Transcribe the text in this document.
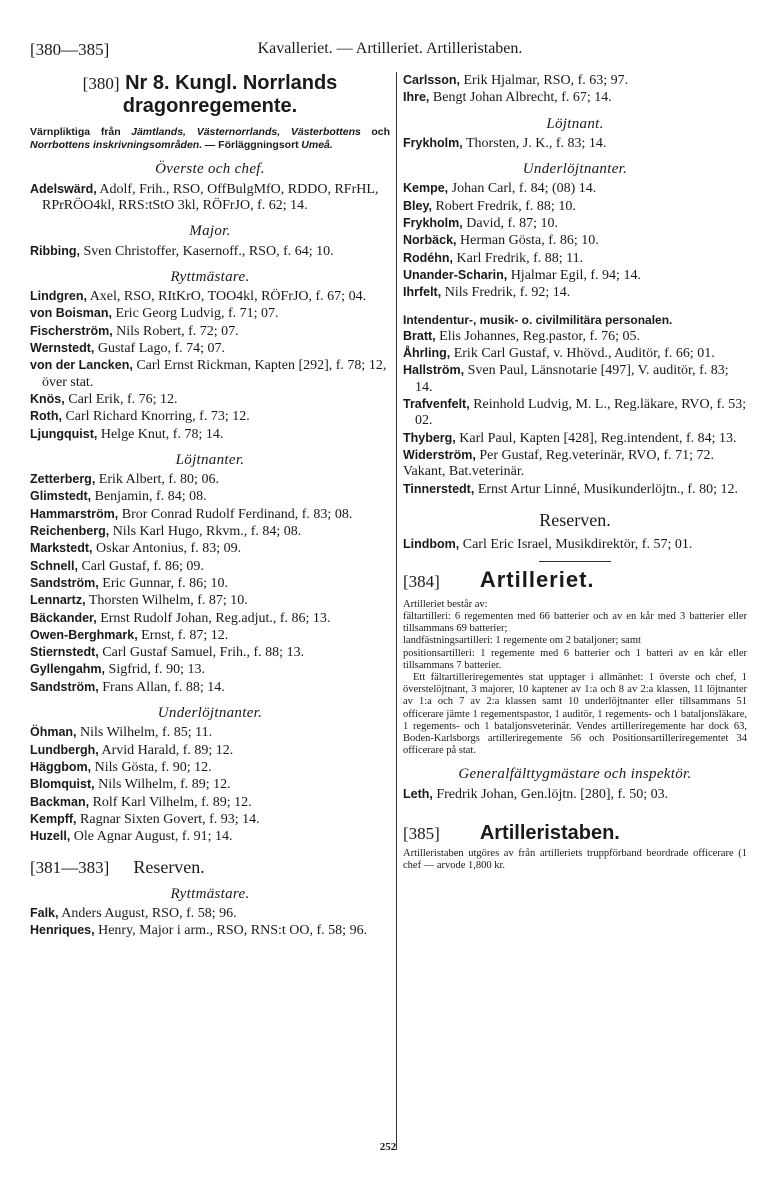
[380—385]	Kavalleriet. — Artilleriet. Artilleristaben.
[380] Nr 8. Kungl. Norrlands
dragonregemente.
Värnpliktiga från Jämtlands, Västernorrlands, Västerbottens och Norrbottens inskrivningsområden. — Förläggningsort Umeå.
Överste och chef.

Adelswärd, Adolf, Frih., RSO, OffBulgMfO, RDDO, RFrHL, RPrRÖO4kl, RRS:tStO 3kl, RÖFrJO, f. 62; 14.

Major.

Ribbing, Sven Christoffer, Kasernoff., RSO, f. 64; 10.

Ryttmästare.

Lindgren, Axel, RSO, RItKrO, TOO4kl, RÖFrJO, f. 67; 04.

von Boisman, Eric Georg Ludvig, f. 71; 07.

Fischerström, Nils Robert, f. 72; 07.

Wernstedt, Gustaf Lago, f. 74; 07.

von der Lancken, Carl Ernst Rickman, Kapten [292], f. 78; 12, över stat.

Knös, Carl Erik, f. 76; 12.

Roth, Carl Richard Knorring, f. 73; 12.

Ljungquist, Helge Knut, f. 78; 14.

Löjtnanter.

Zetterberg, Erik Albert, f. 80; 06.

Glimstedt, Benjamin, f. 84; 08.

Hammarström, Bror Conrad Rudolf Ferdinand, f. 83; 08.

Reichenberg, Nils Karl Hugo, Rkvm., f. 84; 08.

Markstedt, Oskar Antonius, f. 83; 09.

Schnell, Carl Gustaf, f. 86; 09.

Sandström, Eric Gunnar, f. 86; 10.

Lennartz, Thorsten Wilhelm, f. 87; 10.

Bäckander, Ernst Rudolf Johan, Reg.adjut., f. 86; 13.

Owen-Berghmark, Ernst, f. 87; 12.

Stiernstedt, Carl Gustaf Samuel, Frih., f. 88; 13.

Gyllengahm, Sigfrid, f. 90; 13.

Sandström, Frans Allan, f. 88; 14.

Underlöjtnanter.

Öhman, Nils Wilhelm, f. 85; 11.

Lundbergh, Arvid Harald, f. 89; 12.

Häggbom, Nils Gösta, f. 90; 12.

Blomquist, Nils Wilhelm, f. 89; 12.

Backman, Rolf Karl Vilhelm, f. 89; 12.

Kempff, Ragnar Sixten Govert, f. 93; 14.

Huzell, Ole Agnar August, f. 91; 14.

[381—383] Reserven.
Ryttmästare.

Falk, Anders August, RSO, f. 58; 96.

Henriques, Henry, Major i arm., RSO, RNS:t OO, f. 58; 96.

Carlsson, Erik Hjalmar, RSO, f. 63; 97.

Ihre, Bengt Johan Albrecht, f. 67; 14.

Löjtnant.

Frykholm, Thorsten, J. K., f. 83; 14.

Underlöjtnanter.

Kempe, Johan Carl, f. 84; (08) 14.

Bley, Robert Fredrik, f. 88; 10.

Frykholm, David, f. 87; 10.

Norbäck, Herman Gösta, f. 86; 10.

Rodéhn, Karl Fredrik, f. 88; 11.

Unander-Scharin, Hjalmar Egil, f. 94; 14.

Ihrfelt, Nils Fredrik, f. 92; 14.

Intendentur-, musik- o. civilmilitära personalen.

Bratt, Elis Johannes, Reg.pastor, f. 76; 05.

Åhrling, Erik Carl Gustaf, v. Hhövd., Auditör, f. 66; 01.

Hallström, Sven Paul, Länsnotarie [497], V. auditör, f. 83; 14.

Trafvenfelt, Reinhold Ludvig, M. L., Reg.läkare, RVO, f. 53; 02.

Thyberg, Karl Paul, Kapten [428], Reg.intendent, f. 84; 13.

Widerström, Per Gustaf, Reg.veterinär, RVO, f. 71; 72.

Vakant, Bat.veterinär.

Tinnerstedt, Ernst Artur Linné, Musikunderlöjtn., f. 80; 12.

Reserven.

Lindbom, Carl Eric Israel, Musikdirektör, f. 57; 01.

[384] Artilleriet.
Artilleriet består av:
fältartilleri: 6 regementen med 66 batterier och av en kår med 3 batterier eller tillsammans 69 batterier;
landfästningsartilleri: 1 regemente om 2 bataljoner; samt
positionsartilleri: 1 regemente med 6 batterier och 1 batteri av en kår eller tillsammans 7 batterier.
Ett fältartilleriregementes stat upptager i allmänhet: 1 överste och chef, 1 överstelöjtnant, 3 majorer, 10 kaptener av 1:a och 8 av 2:a klassen, 11 löjtnanter av 1:a och 7 av 2:a klassen samt 10 underlöjtnanter eller tillsammans 51 officerare jämte 1 regementspastor, 1 auditör, 1 regements- och 1 bataljonsläkare, 1 regements- och 1 bataljonsveterinär. Vendes artilleriregemente har dock 63, Boden-Karlsborgs artilleriregemente 56 och Positionsartilleriregementet 34 officerare på stat.
Generalfälttygmästare och inspektör.

Leth, Fredrik Johan, Gen.löjtn. [280], f. 50; 03.

[385] Artilleristaben.
Artilleristaben utgöres av från artilleriets truppförband beordrade officerare (1 chef — arvode 1,800 kr.
252
